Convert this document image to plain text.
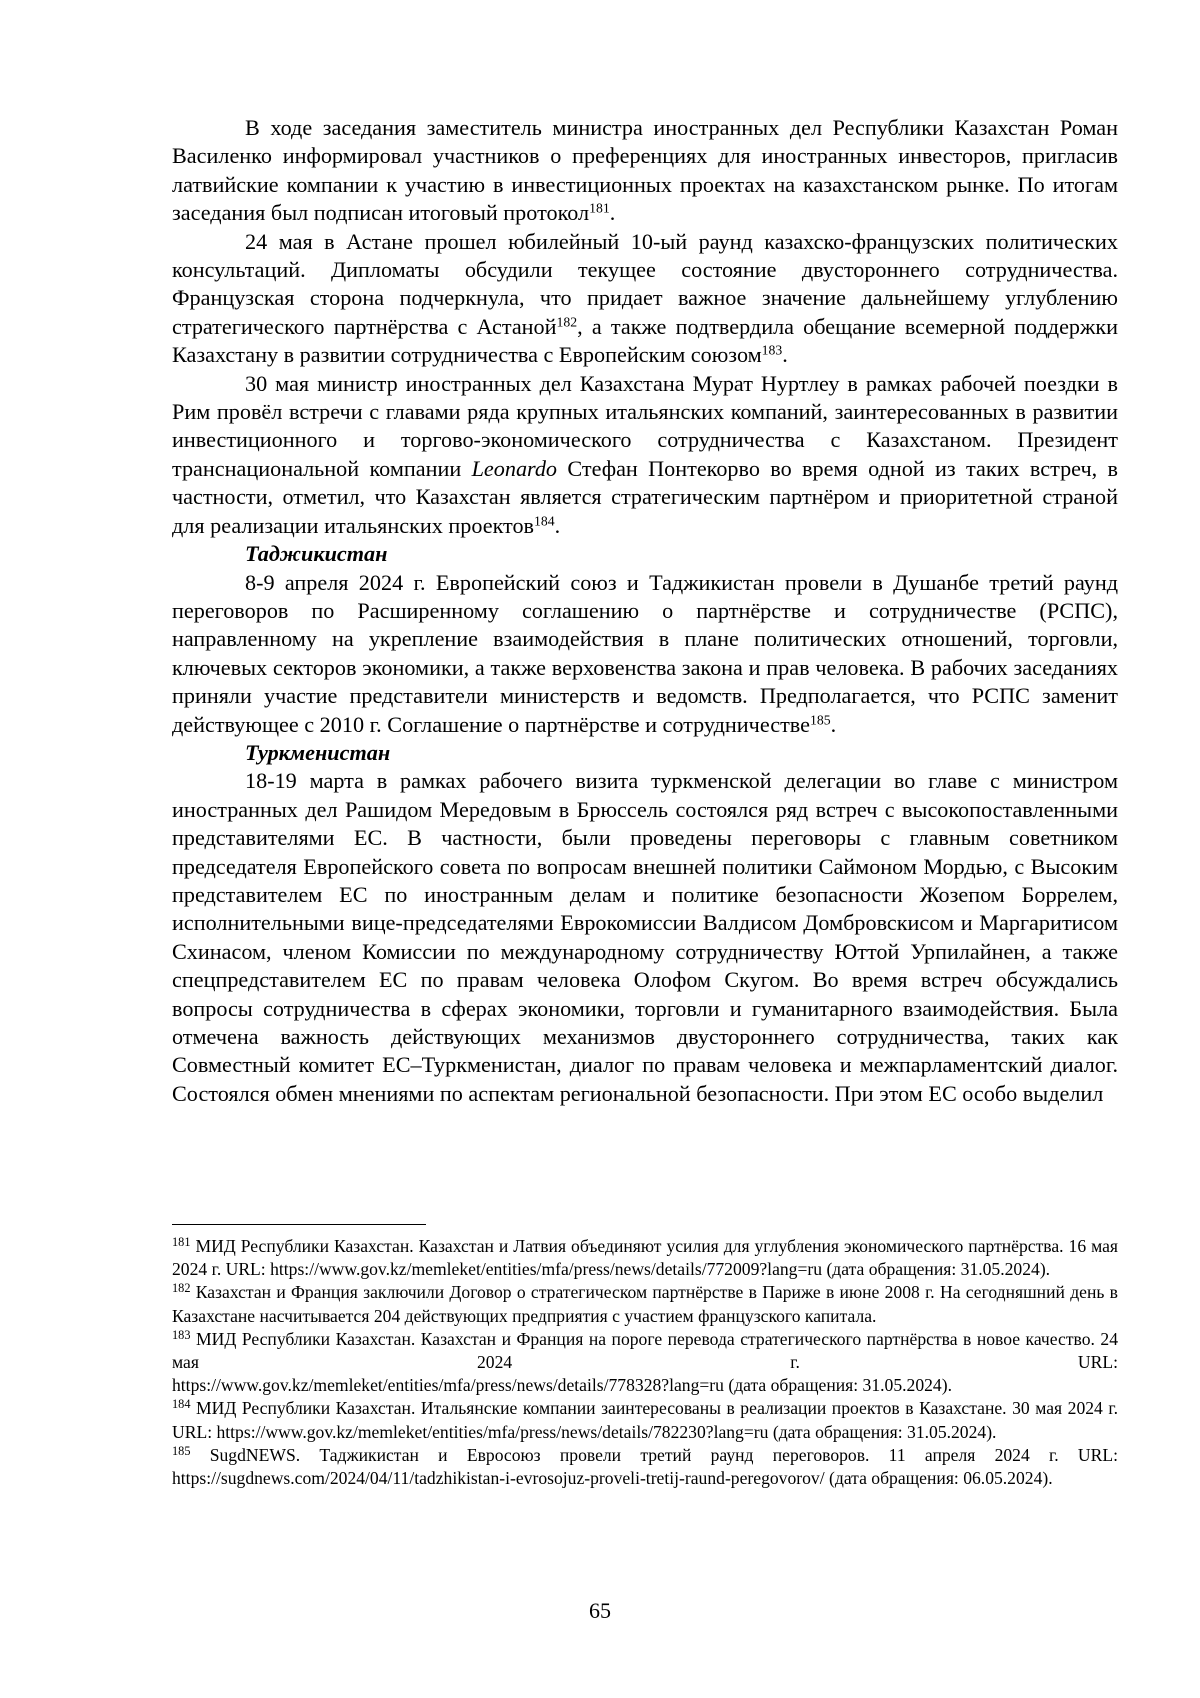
В ходе заседания заместитель министра иностранных дел Республики Казахстан Роман Василенко информировал участников о преференциях для иностранных инвесторов, пригласив латвийские компании к участию в инвестиционных проектах на казахстанском рынке. По итогам заседания был подписан итоговый протокол$^{181}$.

24 мая в Астане прошел юбилейный 10-ый раунд казахско-французских политических консультаций. Дипломаты обсудили текущее состояние двустороннего сотрудничества. Французская сторона подчеркнула, что придает важное значение дальнейшему углублению стратегического партнёрства с Астаной$^{182}$, а также подтвердила обещание всемерной поддержки Казахстану в развитии сотрудничества с Европейским союзом$^{183}$.

30 мая министр иностранных дел Казахстана Мурат Нуртлеу в рамках рабочей поездки в Рим провёл встречи с главами ряда крупных итальянских компаний, заинтересованных в развитии инвестиционного и торгово-экономического сотрудничества с Казахстаном. Президент транснациональной компании Leonardo Стефан Понтекорво во время одной из таких встреч, в частности, отметил, что Казахстан является стратегическим партнёром и приоритетной страной для реализации итальянских проектов$^{184}$.

Таджикистан

8-9 апреля 2024 г. Европейский союз и Таджикистан провели в Душанбе третий раунд переговоров по Расширенному соглашению о партнёрстве и сотрудничестве (РСПС), направленному на укрепление взаимодействия в плане политических отношений, торговли, ключевых секторов экономики, а также верховенства закона и прав человека. В рабочих заседаниях приняли участие представители министерств и ведомств. Предполагается, что РСПС заменит действующее с 2010 г. Соглашение о партнёрстве и сотрудничестве$^{185}$.

Туркменистан

18-19 марта в рамках рабочего визита туркменской делегации во главе с министром иностранных дел Рашидом Мередовым в Брюссель состоялся ряд встреч с высокопоставленными представителями ЕС. В частности, были проведены переговоры с главным советником председателя Европейского совета по вопросам внешней политики Саймоном Мордью, с Высоким представителем ЕС по иностранным делам и политике безопасности Жозепом Боррелем, исполнительными вице-председателями Еврокомиссии Валдисом Домбровскисом и Маргаритисом Схинасом, членом Комиссии по международному сотрудничеству Юттой Урпилайнен, а также спецпредставителем ЕС по правам человека Олофом Скугом. Во время встреч обсуждались вопросы сотрудничества в сферах экономики, торговли и гуманитарного взаимодействия. Была отмечена важность действующих механизмов двустороннего сотрудничества, таких как Совместный комитет ЕС–Туркменистан, диалог по правам человека и межпарламентский диалог. Состоялся обмен мнениями по аспектам региональной безопасности. При этом ЕС особо выделил

$^{181}$ МИД Республики Казахстан. Казахстан и Латвия объединяют усилия для углубления экономического партнёрства. 16 мая 2024 г. URL: https://www.gov.kz/memleket/entities/mfa/press/news/details/772009?lang=ru (дата обращения: 31.05.2024).

$^{182}$ Казахстан и Франция заключили Договор о стратегическом партнёрстве в Париже в июне 2008 г. На сегодняшний день в Казахстане насчитывается 204 действующих предприятия с участием французского капитала.

$^{183}$ МИД Республики Казахстан. Казахстан и Франция на пороге перевода стратегического партнёрства в новое качество. 24 мая 2024 г. URL:

https://www.gov.kz/memleket/entities/mfa/press/news/details/778328?lang=ru (дата обращения: 31.05.2024).

$^{184}$ МИД Республики Казахстан. Итальянские компании заинтересованы в реализации проектов в Казахстане. 30 мая 2024 г. URL: https://www.gov.kz/memleket/entities/mfa/press/news/details/782230?lang=ru (дата обращения: 31.05.2024).

$^{185}$ SugdNEWS. Таджикистан и Евросоюз провели третий раунд переговоров. 11 апреля 2024 г. URL: https://sugdnews.com/2024/04/11/tadzhikistan-i-evrosojuz-proveli-tretij-raund-peregovorov/ (дата обращения: 06.05.2024).

65
